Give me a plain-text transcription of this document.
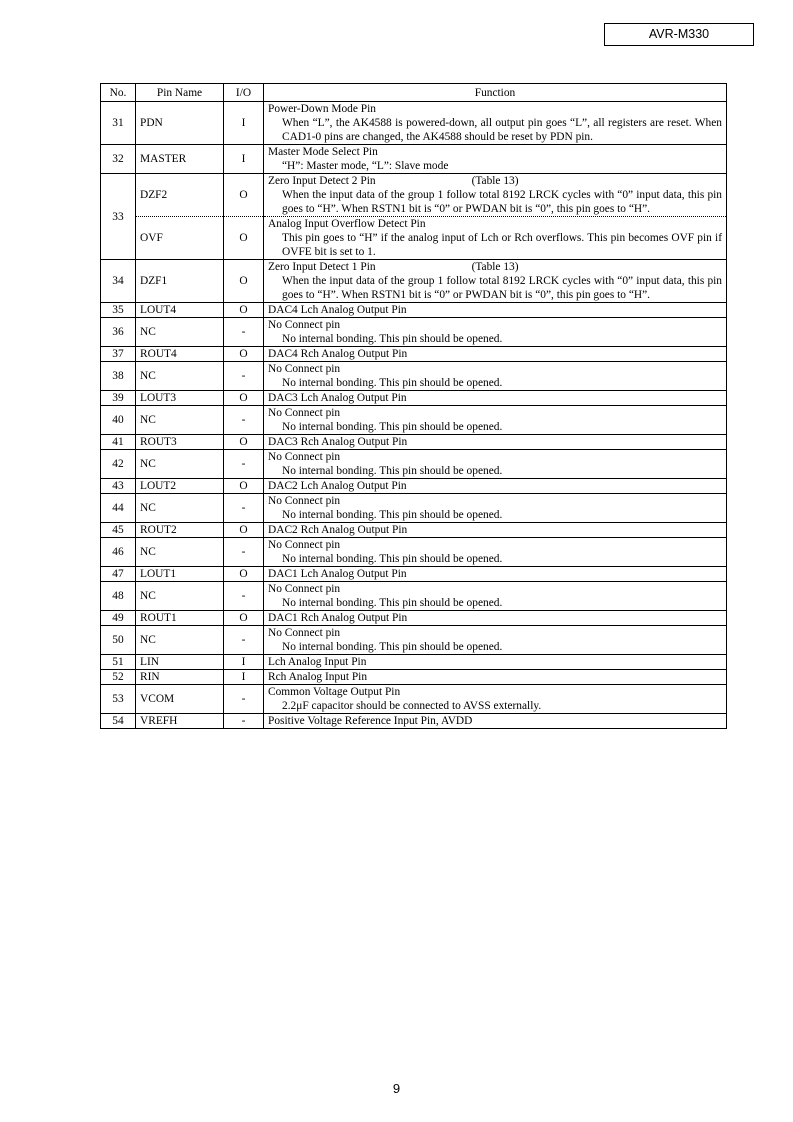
AVR-M330
No.	Pin Name	I/O	Function
31	PDN	I	Power-Down Mode Pin
When “L”, the AK4588 is powered-down, all output pin goes “L”, all registers are reset. When CAD1-0 pins are changed, the AK4588 should be reset by PDN pin.

32	MASTER	I	Master Mode Select Pin
“H”: Master mode, “L”: Slave mode

33	DZF2	O	Zero Input Detect 2 Pin (Table 13)
When the input data of the group 1 follow total 8192 LRCK cycles with “0” input data, this pin goes to “H”. When RSTN1 bit is “0” or PWDAN bit is “0”, this pin goes to “H”.

	OVF	O	Analog Input Overflow Detect Pin
This pin goes to “H” if the analog input of Lch or Rch overflows. This pin becomes OVF pin if OVFE bit is set to 1.

34	DZF1	O	Zero Input Detect 1 Pin (Table 13)
When the input data of the group 1 follow total 8192 LRCK cycles with “0” input data, this pin goes to “H”. When RSTN1 bit is “0” or PWDAN bit is “0”, this pin goes to “H”.

35	LOUT4	O	DAC4 Lch Analog Output Pin

36	NC	-	No Connect pin
No internal bonding. This pin should be opened.

37	ROUT4	O	DAC4 Rch Analog Output Pin

38	NC	-	No Connect pin
No internal bonding. This pin should be opened.

39	LOUT3	O	DAC3 Lch Analog Output Pin

40	NC	-	No Connect pin
No internal bonding. This pin should be opened.

41	ROUT3	O	DAC3 Rch Analog Output Pin

42	NC	-	No Connect pin
No internal bonding. This pin should be opened.

43	LOUT2	O	DAC2 Lch Analog Output Pin

44	NC	-	No Connect pin
No internal bonding. This pin should be opened.

45	ROUT2	O	DAC2 Rch Analog Output Pin

46	NC	-	No Connect pin
No internal bonding. This pin should be opened.

47	LOUT1	O	DAC1 Lch Analog Output Pin

48	NC	-	No Connect pin
No internal bonding. This pin should be opened.

49	ROUT1	O	DAC1 Rch Analog Output Pin

50	NC	-	No Connect pin
No internal bonding. This pin should be opened.

51	LIN	I	Lch Analog Input Pin

52	RIN	I	Rch Analog Input Pin

53	VCOM	-	Common Voltage Output Pin
2.2μF capacitor should be connected to AVSS externally.

54	VREFH	-	Positive Voltage Reference Input Pin, AVDD
9
